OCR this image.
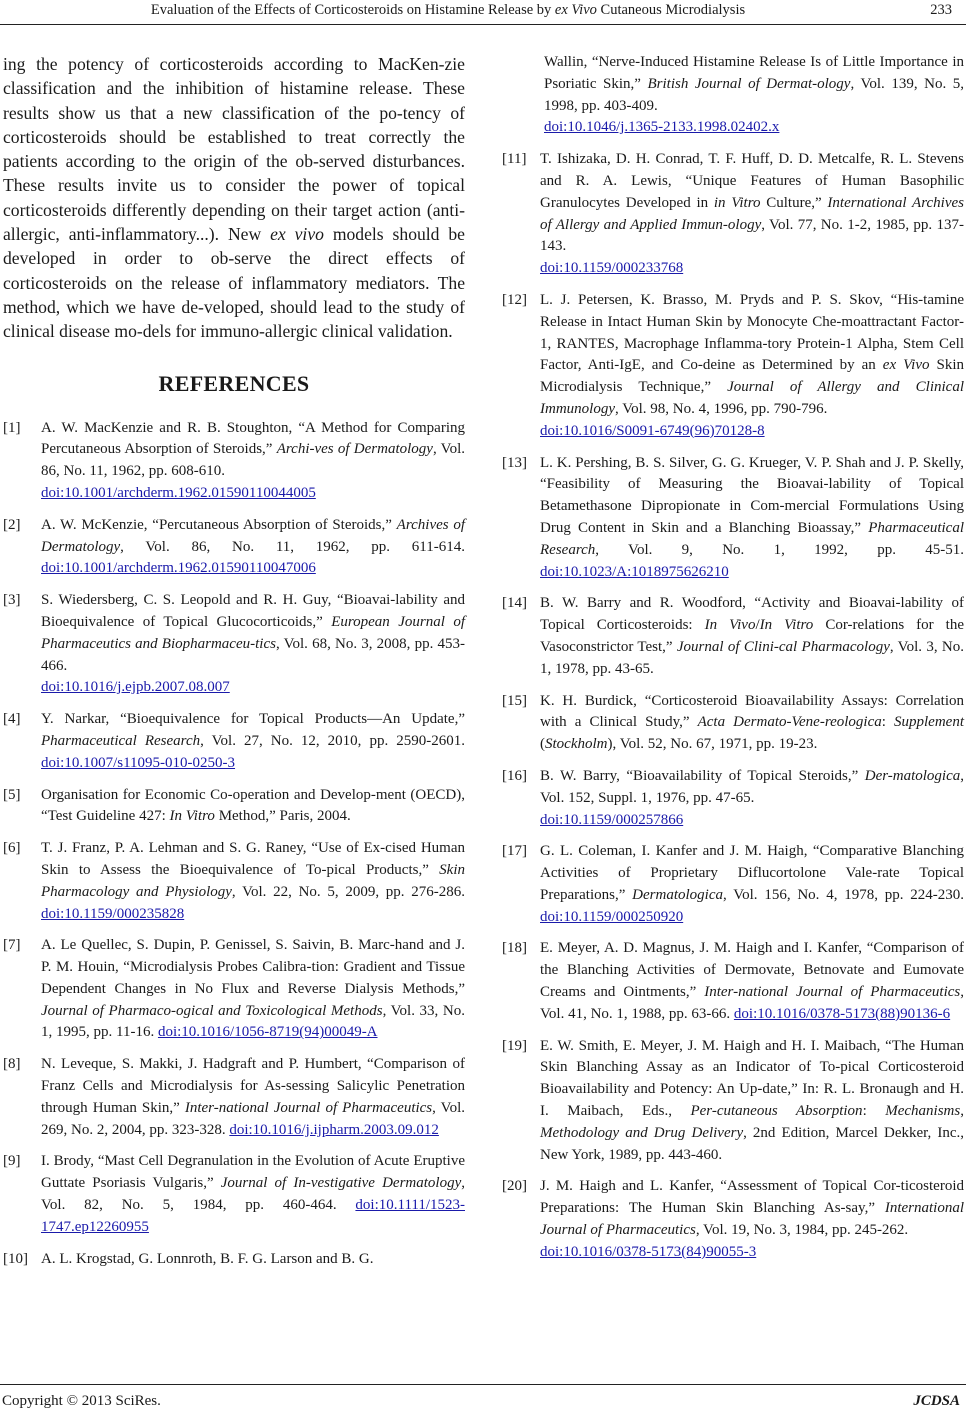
Evaluation of the Effects of Corticosteroids on Histamine Release by ex Vivo Cutaneous Microdialysis	233

ing the potency of corticosteroids according to MacKen-zie classification and the inhibition of histamine release. These results show us that a new classification of the po-tency of corticosteroids should be established to treat correctly the patients according to the origin of the ob-served disturbances. These results invite us to consider the power of topical corticosteroids differently depending on their target action (anti-allergic, anti-inflammatory...). New ex vivo models should be developed in order to ob-serve the direct effects of corticosteroids on the release of inflammatory mediators. The method, which we have de-veloped, should lead to the study of clinical disease mo-dels for immuno-allergic clinical validation.

REFERENCES
[1] A. W. MacKenzie and R. B. Stoughton, “A Method for Comparing Percutaneous Absorption of Steroids,” Archi-ves of Dermatology, Vol. 86, No. 11, 1962, pp. 608-610.
doi:10.1001/archderm.1962.01590110044005
[2] A. W. McKenzie, “Percutaneous Absorption of Steroids,” Archives of Dermatology, Vol. 86, No. 11, 1962, pp. 611-614. doi:10.1001/archderm.1962.01590110047006
[3] S. Wiedersberg, C. S. Leopold and R. H. Guy, “Bioavai-lability and Bioequivalence of Topical Glucocorticoids,” European Journal of Pharmaceutics and Biopharmaceu-tics, Vol. 68, No. 3, 2008, pp. 453-466.
doi:10.1016/j.ejpb.2007.08.007
[4] Y. Narkar, “Bioequivalence for Topical Products—An Update,” Pharmaceutical Research, Vol. 27, No. 12, 2010, pp. 2590-2601. doi:10.1007/s11095-010-0250-3
[5] Organisation for Economic Co-operation and Develop-ment (OECD), “Test Guideline 427: In Vitro Method,” Paris, 2004.
[6] T. J. Franz, P. A. Lehman and S. G. Raney, “Use of Ex-cised Human Skin to Assess the Bioequivalence of To-pical Products,” Skin Pharmacology and Physiology, Vol. 22, No. 5, 2009, pp. 276-286. doi:10.1159/000235828
[7] A. Le Quellec, S. Dupin, P. Genissel, S. Saivin, B. Marc-hand and J. P. M. Houin, “Microdialysis Probes Calibra-tion: Gradient and Tissue Dependent Changes in No Flux and Reverse Dialysis Methods,” Journal of Pharmaco-ogical and Toxicological Methods, Vol. 33, No. 1, 1995, pp. 11-16. doi:10.1016/1056-8719(94)00049-A
[8] N. Leveque, S. Makki, J. Hadgraft and P. Humbert, “Comparison of Franz Cells and Microdialysis for As-sessing Salicylic Penetration through Human Skin,” Inter-national Journal of Pharmaceutics, Vol. 269, No. 2, 2004, pp. 323-328. doi:10.1016/j.ijpharm.2003.09.012
[9] I. Brody, “Mast Cell Degranulation in the Evolution of Acute Eruptive Guttate Psoriasis Vulgaris,” Journal of In-vestigative Dermatology, Vol. 82, No. 5, 1984, pp. 460-464. doi:10.1111/1523-1747.ep12260955
[10] A. L. Krogstad, G. Lonnroth, B. F. G. Larson and B. G.
Wallin, “Nerve-Induced Histamine Release Is of Little Importance in Psoriatic Skin,” British Journal of Dermat-ology, Vol. 139, No. 5, 1998, pp. 403-409.
doi:10.1046/j.1365-2133.1998.02402.x
[11] T. Ishizaka, D. H. Conrad, T. F. Huff, D. D. Metcalfe, R. L. Stevens and R. A. Lewis, “Unique Features of Human Basophilic Granulocytes Developed in in Vitro Culture,” International Archives of Allergy and Applied Immun-ology, Vol. 77, No. 1-2, 1985, pp. 137-143.
doi:10.1159/000233768
[12] L. J. Petersen, K. Brasso, M. Pryds and P. S. Skov, “His-tamine Release in Intact Human Skin by Monocyte Che-moattractant Factor-1, RANTES, Macrophage Inflamma-tory Protein-1 Alpha, Stem Cell Factor, Anti-IgE, and Co-deine as Determined by an ex Vivo Skin Microdialysis Technique,” Journal of Allergy and Clinical Immunology, Vol. 98, No. 4, 1996, pp. 790-796.
doi:10.1016/S0091-6749(96)70128-8
[13] L. K. Pershing, B. S. Silver, G. G. Krueger, V. P. Shah and J. P. Skelly, “Feasibility of Measuring the Bioavai-lability of Topical Betamethasone Dipropionate in Com-mercial Formulations Using Drug Content in Skin and a Blanching Bioassay,” Pharmaceutical Research, Vol. 9, No. 1, 1992, pp. 45-51. doi:10.1023/A:1018975626210
[14] B. W. Barry and R. Woodford, “Activity and Bioavai-lability of Topical Corticosteroids: In Vivo/In Vitro Cor-relations for the Vasoconstrictor Test,” Journal of Clini-cal Pharmacology, Vol. 3, No. 1, 1978, pp. 43-65.
[15] K. H. Burdick, “Corticosteroid Bioavailability Assays: Correlation with a Clinical Study,” Acta Dermato-Vene-reologica: Supplement (Stockholm), Vol. 52, No. 67, 1971, pp. 19-23.
[16] B. W. Barry, “Bioavailability of Topical Steroids,” Der-matologica, Vol. 152, Suppl. 1, 1976, pp. 47-65.
doi:10.1159/000257866
[17] G. L. Coleman, I. Kanfer and J. M. Haigh, “Comparative Blanching Activities of Proprietary Diflucortolone Vale-rate Topical Preparations,” Dermatologica, Vol. 156, No. 4, 1978, pp. 224-230. doi:10.1159/000250920
[18] E. Meyer, A. D. Magnus, J. M. Haigh and I. Kanfer, “Comparison of the Blanching Activities of Dermovate, Betnovate and Eumovate Creams and Ointments,” Inter-national Journal of Pharmaceutics, Vol. 41, No. 1, 1988, pp. 63-66. doi:10.1016/0378-5173(88)90136-6
[19] E. W. Smith, E. Meyer, J. M. Haigh and H. I. Maibach, “The Human Skin Blanching Assay as an Indicator of To-pical Corticosteroid Bioavailability and Potency: An Up-date,” In: R. L. Bronaugh and H. I. Maibach, Eds., Per-cutaneous Absorption: Mechanisms, Methodology and Drug Delivery, 2nd Edition, Marcel Dekker, Inc., New York, 1989, pp. 443-460.
[20] J. M. Haigh and L. Kanfer, “Assessment of Topical Cor-ticosteroid Preparations: The Human Skin Blanching As-say,” International Journal of Pharmaceutics, Vol. 19, No. 3, 1984, pp. 245-262.
doi:10.1016/0378-5173(84)90055-3
Copyright © 2013 SciRes.	JCDSA
